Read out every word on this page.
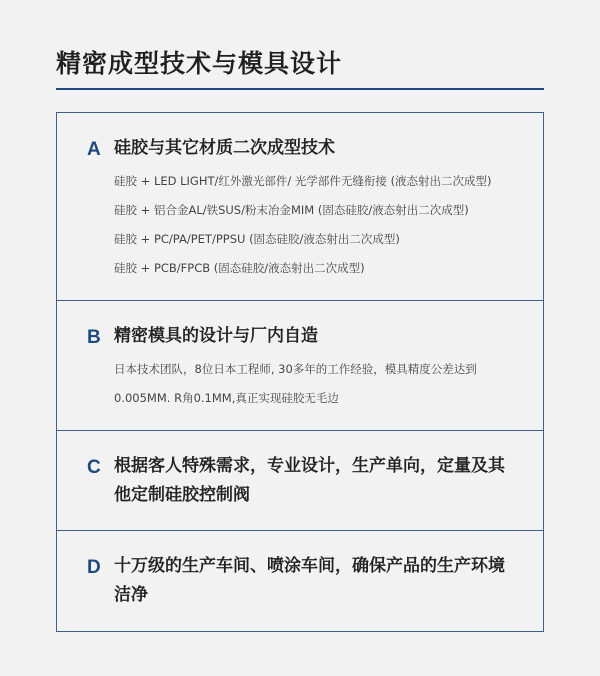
精密成型技术与模具设计
A 硅胶与其它材质二次成型技术
硅胶 + LED LIGHT/红外激光部件/ 光学部件无缝衔接 (液态射出二次成型)
硅胶 + 铝合金AL/铁SUS/粉末冶金MIM (固态硅胶/液态射出二次成型)
硅胶 + PC/PA/PET/PPSU (固态硅胶/液态射出二次成型)
硅胶 + PCB/FPCB (固态硅胶/液态射出二次成型)
B 精密模具的设计与厂内自造
日本技术团队，8位日本工程师, 30多年的工作经验，模具精度公差达到
0.005MM. R角0.1MM,真正实现硅胶无毛边
C 根据客人特殊需求，专业设计，生产单向，定量及其他定制硅胶控制阀
D 十万级的生产车间、喷涂车间，确保产品的生产环境洁净
